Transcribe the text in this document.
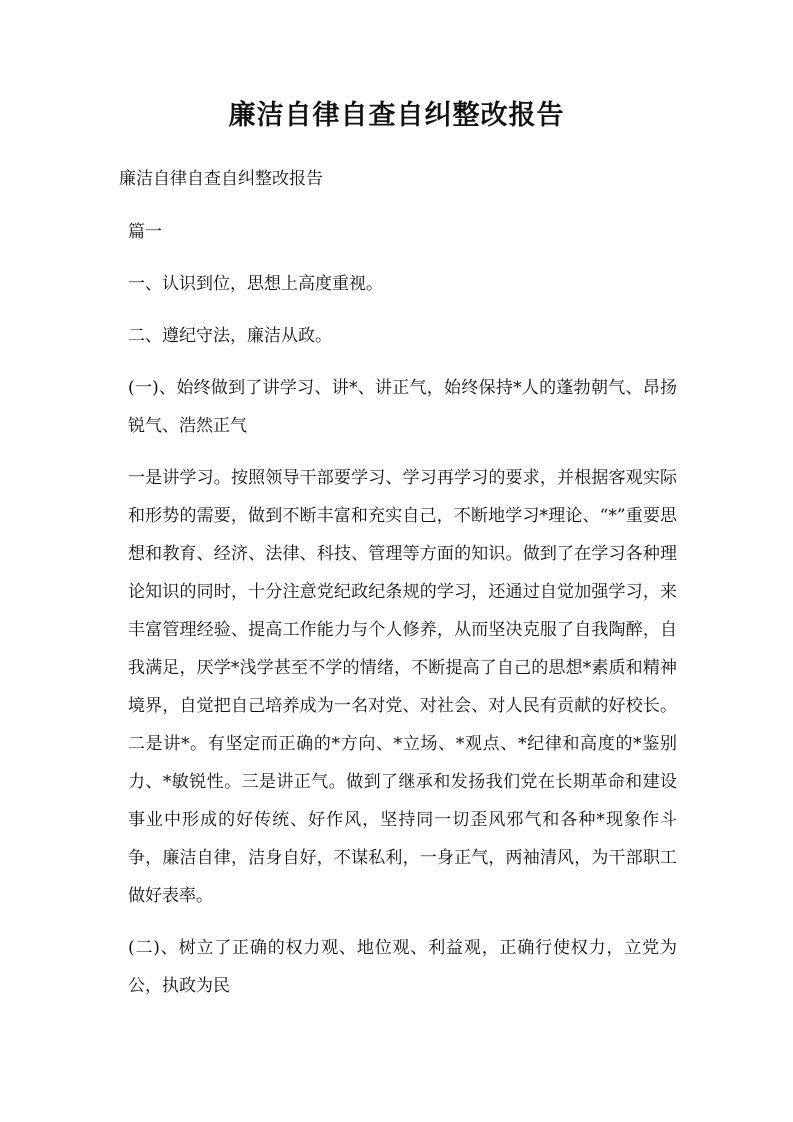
廉洁自律自查自纠整改报告

廉洁自律自查自纠整改报告

篇一

一、认识到位，思想上高度重视。

二、遵纪守法，廉洁从政。

(一)、始终做到了讲学习、讲*、讲正气，始终保持*人的蓬勃朝气、昂扬锐气、浩然正气

一是讲学习。按照领导干部要学习、学习再学习的要求，并根据客观实际和形势的需要，做到不断丰富和充实自己，不断地学习*理论、“*”重要思想和教育、经济、法律、科技、管理等方面的知识。做到了在学习各种理论知识的同时，十分注意党纪政纪条规的学习，还通过自觉加强学习，来丰富管理经验、提高工作能力与个人修养，从而坚决克服了自我陶醉，自我满足，厌学*浅学甚至不学的情绪，不断提高了自己的思想*素质和精神境界，自觉把自己培养成为一名对党、对社会、对人民有贡献的好校长。二是讲*。有坚定而正确的*方向、*立场、*观点、*纪律和高度的*鉴别力、*敏锐性。三是讲正气。做到了继承和发扬我们党在长期革命和建设事业中形成的好传统、好作风，坚持同一切歪风邪气和各种*现象作斗争，廉洁自律，洁身自好，不谋私利，一身正气，两袖清风，为干部职工做好表率。

(二)、树立了正确的权力观、地位观、利益观，正确行使权力，立党为公，执政为民
